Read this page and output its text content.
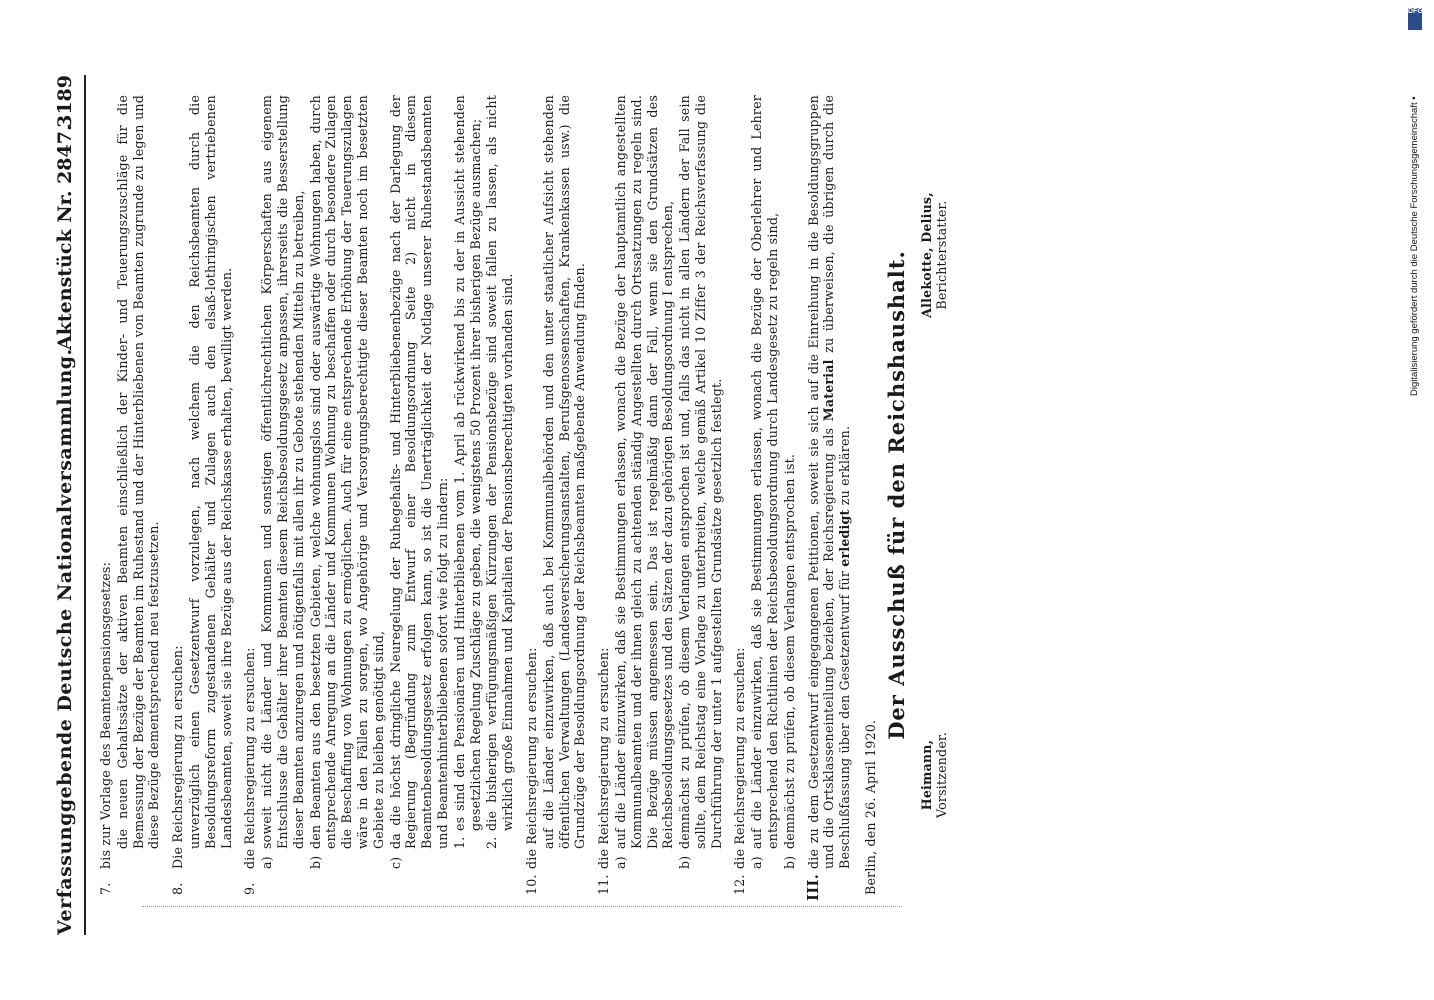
Verfassunggebende Deutsche Nationalversammlung.
Aktenstück Nr. 2847.
3189
7.
bis zur Vorlage des Beamtenpensionsgesetzes: die neuen Gehaltssätze der aktiven Beamten einschließlich der Kinder- und Teuerungszuschläge für die Bemessung der Bezüge der Beamten im Ruhestand und der Hinterbliebenen von Beamten zugrunde zu legen und diese Bezüge dementsprechend neu festzusetzen.
8.
Die Reichsregierung zu ersuchen: unverzüglich einen Gesetzentwurf vorzulegen, nach welchem die den Reichsbeamten durch die Besoldungsreform zugestandenen Gehälter und Zulagen auch den elsaß-lothringischen vertriebenen Landesbeamten, soweit sie ihre Bezüge aus der Reichskasse erhalten, bewilligt werden.
9.
die Reichsregierung zu ersuchen: a)
soweit nicht die Länder und Kommunen und sonstigen öffentlichrechtlichen Körperschaften aus eigenem Entschlusse die Gehälter ihrer Beamten diesem Reichsbesoldungsgesetz anpassen, ihrerseits die Besserstellung dieser Beamten anzuregen und nötigenfalls mit allen ihr zu Gebote stehenden Mitteln zu betreiben,
b)
den Beamten aus den besetzten Gebieten, welche wohnungslos sind oder auswärtige Wohnungen haben, durch entsprechende Anregung an die Länder und Kommunen Wohnung zu beschaffen oder durch besondere Zulagen die Beschaffung von Wohnungen zu ermöglichen. Auch für eine entsprechende Erhöhung der Teuerungszulagen wäre in den Fällen zu sorgen, wo Angehörige und Versorgungsberechtigte dieser Beamten noch im besetzten Gebiete zu bleiben genötigt sind,
c)
da die höchst dringliche Neuregelung der Ruhegehalts- und Hinterbliebenenbezüge nach der Darlegung der Regierung (Begründung zum Entwurf einer Besoldungsordnung Seite 2) nicht in diesem Beamtenbesoldungsgesetz erfolgen kann, so ist die Unerträglichkeit der Notlage unserer Ruhestandsbeamten und Beamtenhinterbliebenen sofort wie folgt zu lindern: 1.
es sind den Pensionären und Hinterbliebenen vom 1. April ab rückwirkend bis zu der in Aussicht stehenden gesetzlichen Regelung Zuschläge zu geben, die wenigstens 50 Prozent ihrer bisherigen Bezüge ausmachen;
2.
die bisherigen verfügungsmäßigen Kürzungen der Pensionsbezüge sind soweit fallen zu lassen, als nicht wirklich große Einnahmen und Kapitalien der Pensionsberechtigten vorhanden sind.
10.
die Reichsregierung zu ersuchen: auf die Länder einzuwirken, daß auch bei Kommunalbehörden und den unter staatlicher Aufsicht stehenden öffentlichen Verwaltungen (Landesversicherungsanstalten, Berufsgenossenschaften, Krankenkassen usw.) die Grundzüge der Besoldungsordnung der Reichsbeamten maßgebende Anwendung finden.
11.
die Reichsregierung zu ersuchen: a)
auf die Länder einzuwirken, daß sie Bestimmungen erlassen, wonach die Bezüge der hauptamtlich angestellten Kommunalbeamten und der ihnen gleich zu achtenden ständig Angestellten durch Ortssatzungen zu regeln sind. Die Bezüge müssen angemessen sein. Das ist regelmäßig dann der Fall, wenn sie den Grundsätzen des Reichsbesoldungsgesetzes und den Sätzen der dazu gehörigen Besoldungsordnung I entsprechen,
b)
demnächst zu prüfen, ob diesem Verlangen entsprochen ist und, falls das nicht in allen Ländern der Fall sein sollte, dem Reichstag eine Vorlage zu unterbreiten, welche gemäß Artikel 10 Ziffer 3 der Reichsverfassung die Durchführung der unter 1 aufgestellten Grundsätze gesetzlich festlegt.
12.
die Reichsregierung zu ersuchen: a)
auf die Länder einzuwirken, daß sie Bestimmungen erlassen, wonach die Bezüge der Oberlehrer und Lehrer entsprechend den Richtlinien der Reichsbesoldungsordnung durch Landesgesetz zu regeln sind,
b)
demnächst zu prüfen, ob diesem Verlangen entsprochen ist.
III.
die zu dem Gesetzentwurf eingegangenen Petitionen, soweit sie sich auf die Einreihung in die Besoldungsgruppen und die Ortsklasseneinteilung beziehen, der Reichsregierung als Material zu überweisen, die übrigen durch die Beschlußfassung über den Gesetzentwurf für erledigt zu erklären.
Berlin, den 26. April 1920.
Der Ausschuß für den Reichshaushalt.
Heimann, Vorsitzender.
Allekotte, Delius, Berichterstatter.
DFG
Digitalisierung gefördert durch die Deutsche Forschungsgemeinschaft •
